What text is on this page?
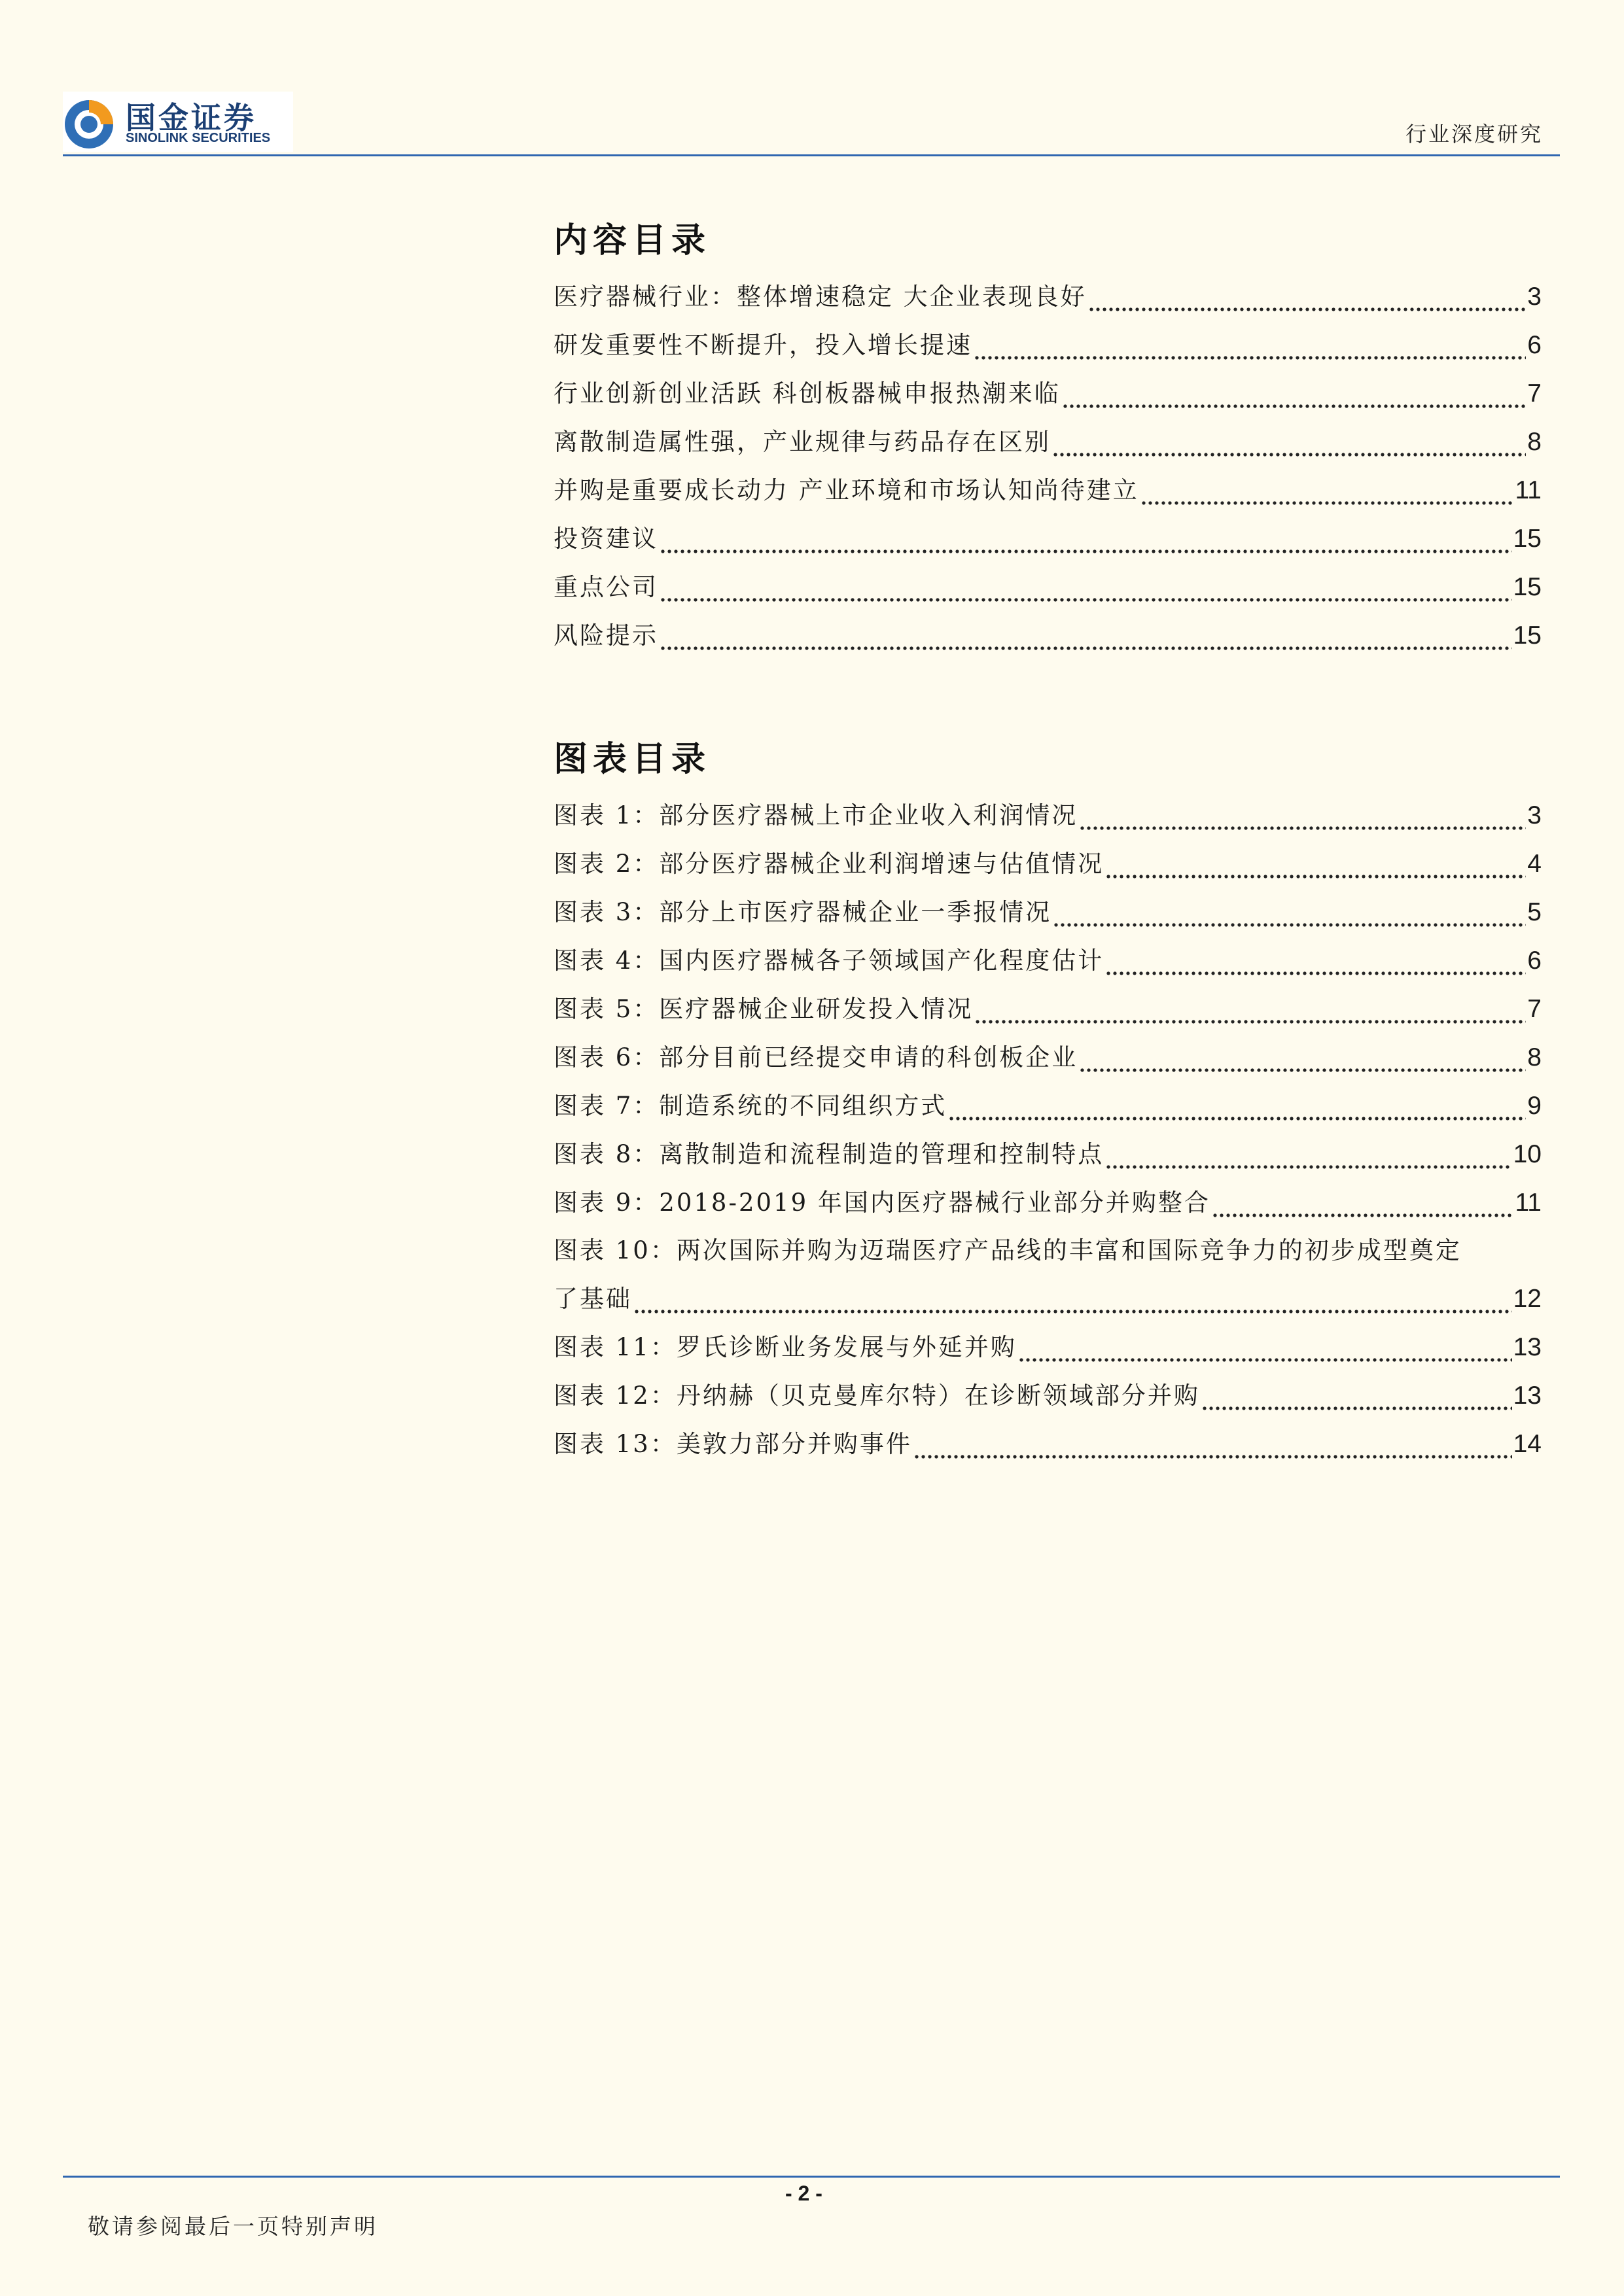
国金证券
SINOLINK SECURITIES	行业深度研究
内容目录
医疗器械行业：整体增速稳定 大企业表现良好	3
研发重要性不断提升，投入增长提速	6
行业创新创业活跃 科创板器械申报热潮来临	7
离散制造属性强，产业规律与药品存在区别	8
并购是重要成长动力 产业环境和市场认知尚待建立	11
投资建议	15
重点公司	15
风险提示	15
图表目录
图表 1：部分医疗器械上市企业收入利润情况	3
图表 2：部分医疗器械企业利润增速与估值情况	4
图表 3：部分上市医疗器械企业一季报情况	5
图表 4：国内医疗器械各子领域国产化程度估计	6
图表 5：医疗器械企业研发投入情况	7
图表 6：部分目前已经提交申请的科创板企业	8
图表 7：制造系统的不同组织方式	9
图表 8：离散制造和流程制造的管理和控制特点	10
图表 9：2018-2019 年国内医疗器械行业部分并购整合	11
图表 10：两次国际并购为迈瑞医疗产品线的丰富和国际竞争力的初步成型奠定
了基础	12
图表 11：罗氏诊断业务发展与外延并购	13
图表 12：丹纳赫（贝克曼库尔特）在诊断领域部分并购	13
图表 13：美敦力部分并购事件	14
- 2 -
敬请参阅最后一页特别声明
